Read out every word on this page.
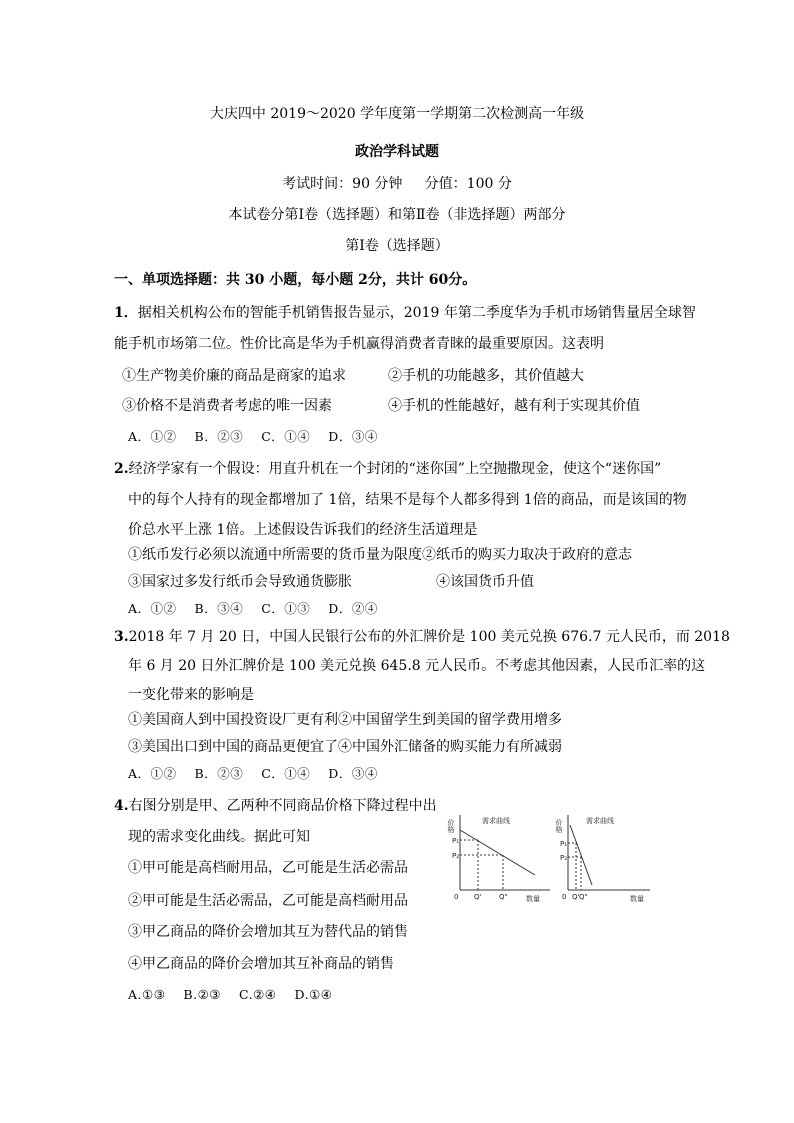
大庆四中 2019～2020 学年度第一学期第二次检测高一年级
政治学科试题
考试时间：90 分钟     分值：100 分
本试卷分第Ⅰ卷（选择题）和第Ⅱ卷（非选择题）两部分
第Ⅰ卷（选择题）
一、单项选择题：共 30 小题，每小题 2分，共计 60分。
1．据相关机构公布的智能手机销售报告显示，2019 年第二季度华为手机市场销售量居全球智
能手机市场第二位。性价比高是华为手机赢得消费者青睐的最重要原因。这表明
①生产物美价廉的商品是商家的追求　　　②手机的功能越多，其价值越大
③价格不是消费者考虑的唯一因素　　　　④手机的性能越好，越有利于实现其价值
A．①② B．②③ C．①④ D．③④
2.经济学家有一个假设：用直升机在一个封闭的“迷你国”上空抛撒现金，使这个“迷你国”
中的每个人持有的现金都增加了 1倍，结果不是每个人都多得到 1倍的商品，而是该国的物
价总水平上涨 1倍。上述假设告诉我们的经济生活道理是
①纸币发行必须以流通中所需要的货币量为限度②纸币的购买力取决于政府的意志
③国家过多发行纸币会导致通货膨胀　　　　　　④该国货币升值
A．①② B．③④ C．①③ D．②④
3.2018 年 7 月 20 日，中国人民银行公布的外汇牌价是 100 美元兑换 676.7 元人民币，而 2018
年 6 月 20 日外汇牌价是 100 美元兑换 645.8 元人民币。不考虑其他因素，人民币汇率的这
一变化带来的影响是
①美国商人到中国投资设厂更有利②中国留学生到美国的留学费用增多
③美国出口到中国的商品更便宜了④中国外汇储备的购买能力有所减弱
A．①② B．②③ C．①④ D．③④
4.右图分别是甲、乙两种不同商品价格下降过程中出
现的需求变化曲线。据此可知
①甲可能是高档耐用品，乙可能是生活必需品
②甲可能是生活必需品，乙可能是高档耐用品
③甲乙商品的降价会增加其互为替代品的销售
④甲乙商品的降价会增加其互补商品的销售
A.①③ B.②③ C.②④ D.①④
价格	需求曲线
P₁
P₂
0 Q'	Q"	数量
价格	需求曲线
P₁
P₂
0 Q' Q"	数量
